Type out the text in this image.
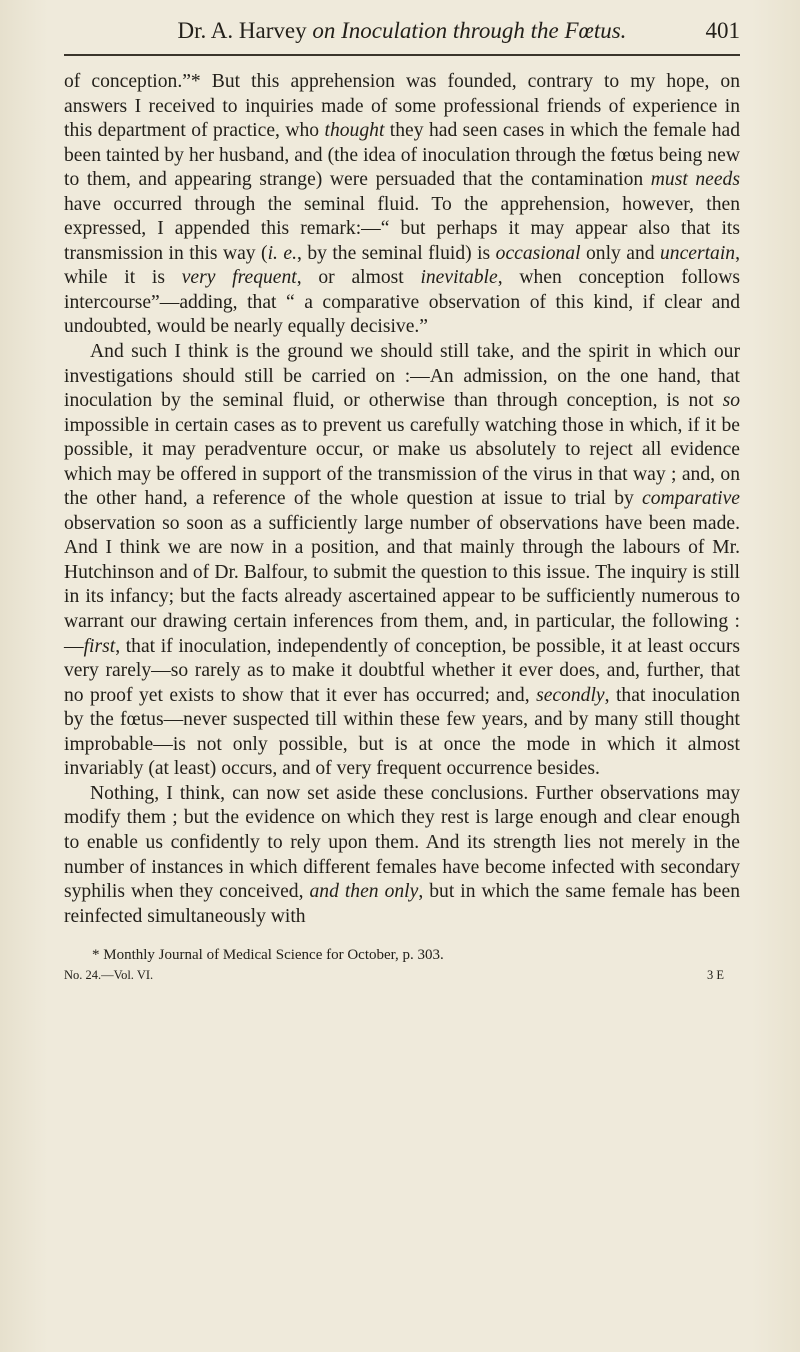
Dr. A. Harvey on Inoculation through the Fœtus.	401

of conception.”* But this apprehension was founded, contrary to my hope, on answers I received to inquiries made of some professional friends of experience in this department of practice, who thought they had seen cases in which the female had been tainted by her husband, and (the idea of inoculation through the fœtus being new to them, and appearing strange) were persuaded that the contamination must needs have occurred through the seminal fluid. To the apprehension, however, then expressed, I appended this remark:—“ but perhaps it may appear also that its transmission in this way (i. e., by the seminal fluid) is occasional only and uncertain, while it is very frequent, or almost inevitable, when conception follows intercourse”—adding, that “ a comparative observation of this kind, if clear and undoubted, would be nearly equally decisive.”

And such I think is the ground we should still take, and the spirit in which our investigations should still be carried on :—An admission, on the one hand, that inoculation by the seminal fluid, or otherwise than through conception, is not so impossible in certain cases as to prevent us carefully watching those in which, if it be possible, it may peradventure occur, or make us absolutely to reject all evidence which may be offered in support of the transmission of the virus in that way ; and, on the other hand, a reference of the whole question at issue to trial by comparative observation so soon as a sufficiently large number of observations have been made. And I think we are now in a position, and that mainly through the labours of Mr. Hutchinson and of Dr. Balfour, to submit the question to this issue. The inquiry is still in its infancy; but the facts already ascertained appear to be sufficiently numerous to warrant our drawing certain inferences from them, and, in particular, the following :—first, that if inoculation, independently of conception, be possible, it at least occurs very rarely—so rarely as to make it doubtful whether it ever does, and, further, that no proof yet exists to show that it ever has occurred; and, secondly, that inoculation by the fœtus—never suspected till within these few years, and by many still thought improbable—is not only possible, but is at once the mode in which it almost invariably (at least) occurs, and of very frequent occurrence besides.

Nothing, I think, can now set aside these conclusions. Further observations may modify them ; but the evidence on which they rest is large enough and clear enough to enable us confidently to rely upon them. And its strength lies not merely in the number of instances in which different females have become infected with secondary syphilis when they conceived, and then only, but in which the same female has been reinfected simultaneously with

* Monthly Journal of Medical Science for October, p. 303.
No. 24.—Vol. VI.	3 E
